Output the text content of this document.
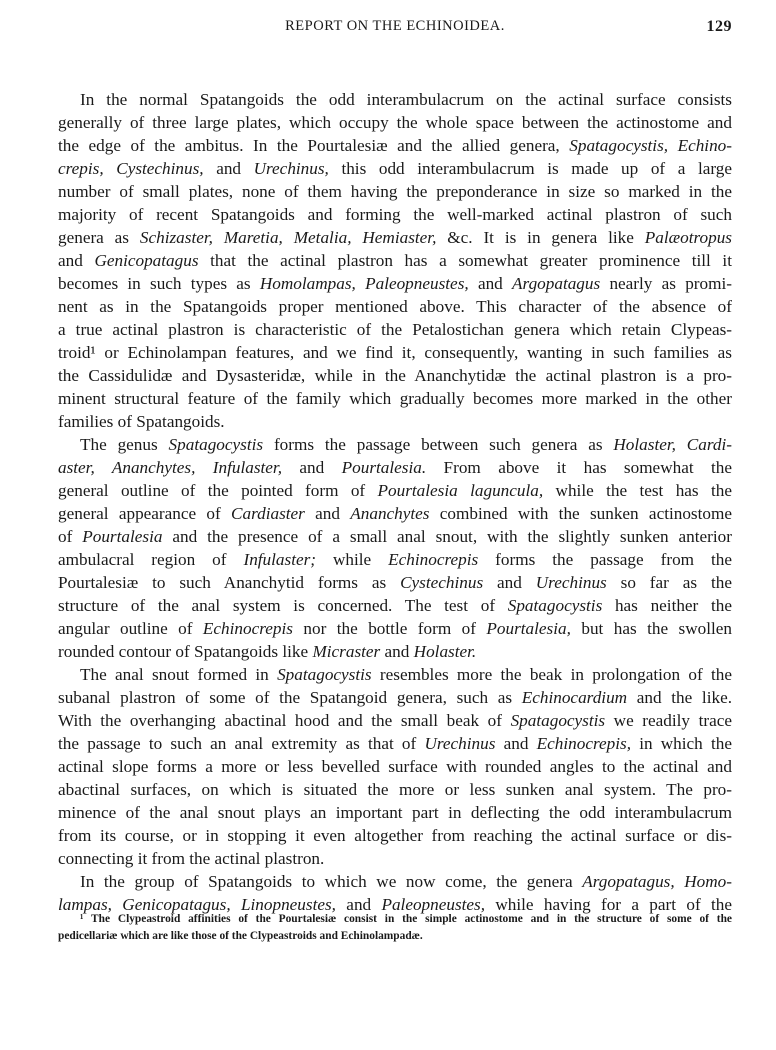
REPORT ON THE ECHINOIDEA.	129
In the normal Spatangoids the odd interambulacrum on the actinal surface consists
generally of three large plates, which occupy the whole space between the actinostome and
the edge of the ambitus. In the Pourtalesiæ and the allied genera, Spatagocystis, Echino-
crepis, Cystechinus, and Urechinus, this odd interambulacrum is made up of a large
number of small plates, none of them having the preponderance in size so marked in the
majority of recent Spatangoids and forming the well-marked actinal plastron of such
genera as Schizaster, Maretia, Metalia, Hemiaster, &c. It is in genera like Palæotropus
and Genicopatagus that the actinal plastron has a somewhat greater prominence till it
becomes in such types as Homolampas, Paleopneustes, and Argopatagus nearly as promi-
nent as in the Spatangoids proper mentioned above. This character of the absence of
a true actinal plastron is characteristic of the Petalostichan genera which retain Clypeas-
troid¹ or Echinolampan features, and we find it, consequently, wanting in such families as
the Cassidulidæ and Dysasteridæ, while in the Ananchytidæ the actinal plastron is a pro-
minent structural feature of the family which gradually becomes more marked in the other
families of Spatangoids.
The genus Spatagocystis forms the passage between such genera as Holaster, Cardi-
aster, Ananchytes, Infulaster, and Pourtalesia. From above it has somewhat the
general outline of the pointed form of Pourtalesia laguncula, while the test has the
general appearance of Cardiaster and Ananchytes combined with the sunken actinostome
of Pourtalesia and the presence of a small anal snout, with the slightly sunken anterior
ambulacral region of Infulaster; while Echinocrepis forms the passage from the
Pourtalesiæ to such Ananchytid forms as Cystechinus and Urechinus so far as the
structure of the anal system is concerned. The test of Spatagocystis has neither the
angular outline of Echinocrepis nor the bottle form of Pourtalesia, but has the swollen
rounded contour of Spatangoids like Micraster and Holaster.
The anal snout formed in Spatagocystis resembles more the beak in prolongation of the
subanal plastron of some of the Spatangoid genera, such as Echinocardium and the like.
With the overhanging abactinal hood and the small beak of Spatagocystis we readily trace
the passage to such an anal extremity as that of Urechinus and Echinocrepis, in which the
actinal slope forms a more or less bevelled surface with rounded angles to the actinal and
abactinal surfaces, on which is situated the more or less sunken anal system. The pro-
minence of the anal snout plays an important part in deflecting the odd interambulacrum
from its course, or in stopping it even altogether from reaching the actinal surface or dis-
connecting it from the actinal plastron.
In the group of Spatangoids to which we now come, the genera Argopatagus, Homo-
lampas, Genicopatagus, Linopneustes, and Paleopneustes, while having for a part of the
¹ The Clypeastroid affinities of the Pourtalesiæ consist in the simple actinostome and in the structure of some of the
pedicellariæ which are like those of the Clypeastroids and Echinolampadæ.
